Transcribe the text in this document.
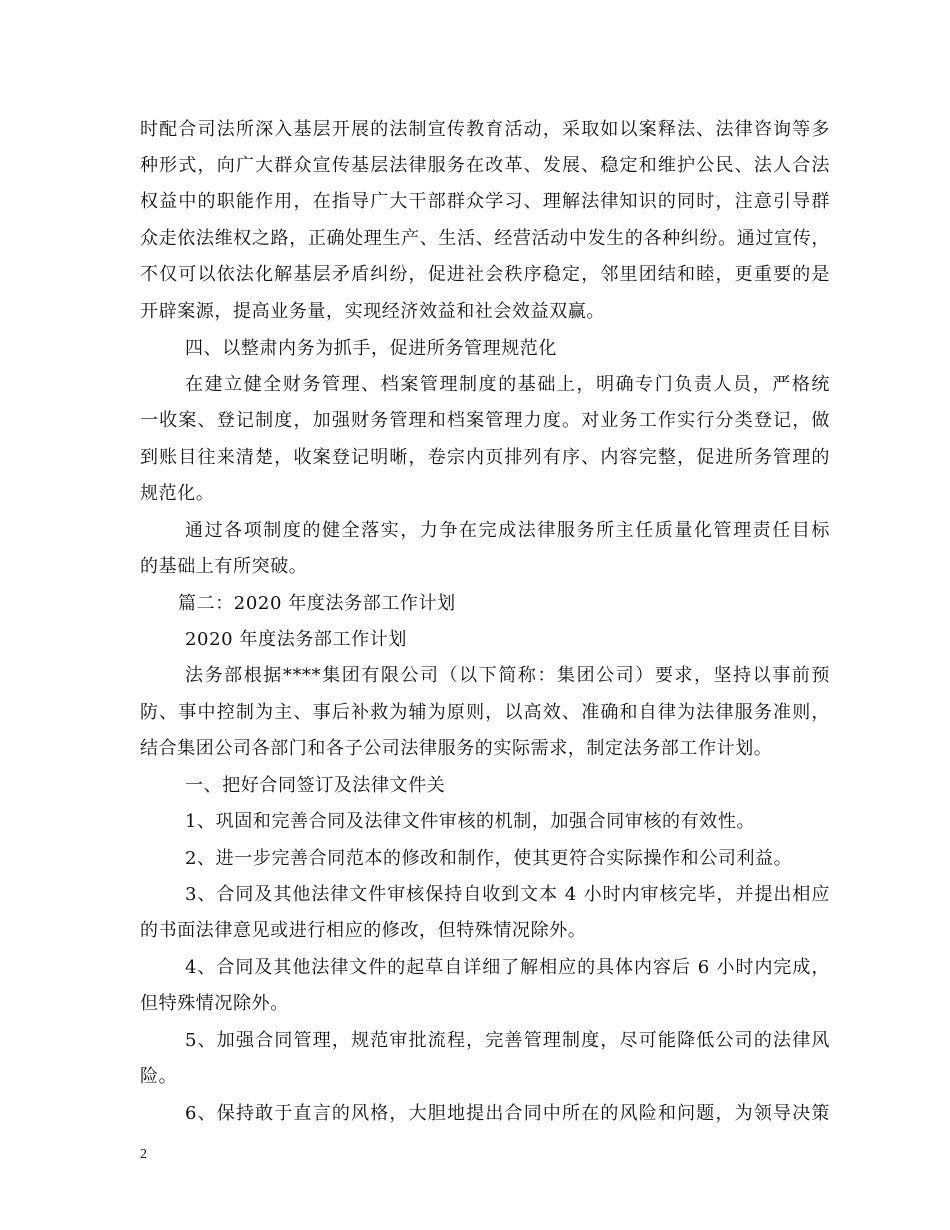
时配合司法所深入基层开展的法制宣传教育活动，采取如以案释法、法律咨询等多
种形式，向广大群众宣传基层法律服务在改革、发展、稳定和维护公民、法人合法
权益中的职能作用，在指导广大干部群众学习、理解法律知识的同时，注意引导群
众走依法维权之路，正确处理生产、生活、经营活动中发生的各种纠纷。通过宣传，
不仅可以依法化解基层矛盾纠纷，促进社会秩序稳定，邻里团结和睦，更重要的是
开辟案源，提高业务量，实现经济效益和社会效益双赢。
四、以整肃内务为抓手，促进所务管理规范化
在建立健全财务管理、档案管理制度的基础上，明确专门负责人员，严格统
一收案、登记制度，加强财务管理和档案管理力度。对业务工作实行分类登记，做
到账目往来清楚，收案登记明晰，卷宗内页排列有序、内容完整，促进所务管理的
规范化。
通过各项制度的健全落实，力争在完成法律服务所主任质量化管理责任目标
的基础上有所突破。
篇二：2020 年度法务部工作计划
2020 年度法务部工作计划
法务部根据****集团有限公司（以下简称：集团公司）要求，坚持以事前预
防、事中控制为主、事后补救为辅为原则，以高效、准确和自律为法律服务准则，
结合集团公司各部门和各子公司法律服务的实际需求，制定法务部工作计划。
一、把好合同签订及法律文件关
1、巩固和完善合同及法律文件审核的机制，加强合同审核的有效性。
2、进一步完善合同范本的修改和制作，使其更符合实际操作和公司利益。
3、合同及其他法律文件审核保持自收到文本 4 小时内审核完毕，并提出相应
的书面法律意见或进行相应的修改，但特殊情况除外。
4、合同及其他法律文件的起草自详细了解相应的具体内容后 6 小时内完成，
但特殊情况除外。
5、加强合同管理，规范审批流程，完善管理制度，尽可能降低公司的法律风
险。
6、保持敢于直言的风格，大胆地提出合同中所在的风险和问题，为领导决策
2
